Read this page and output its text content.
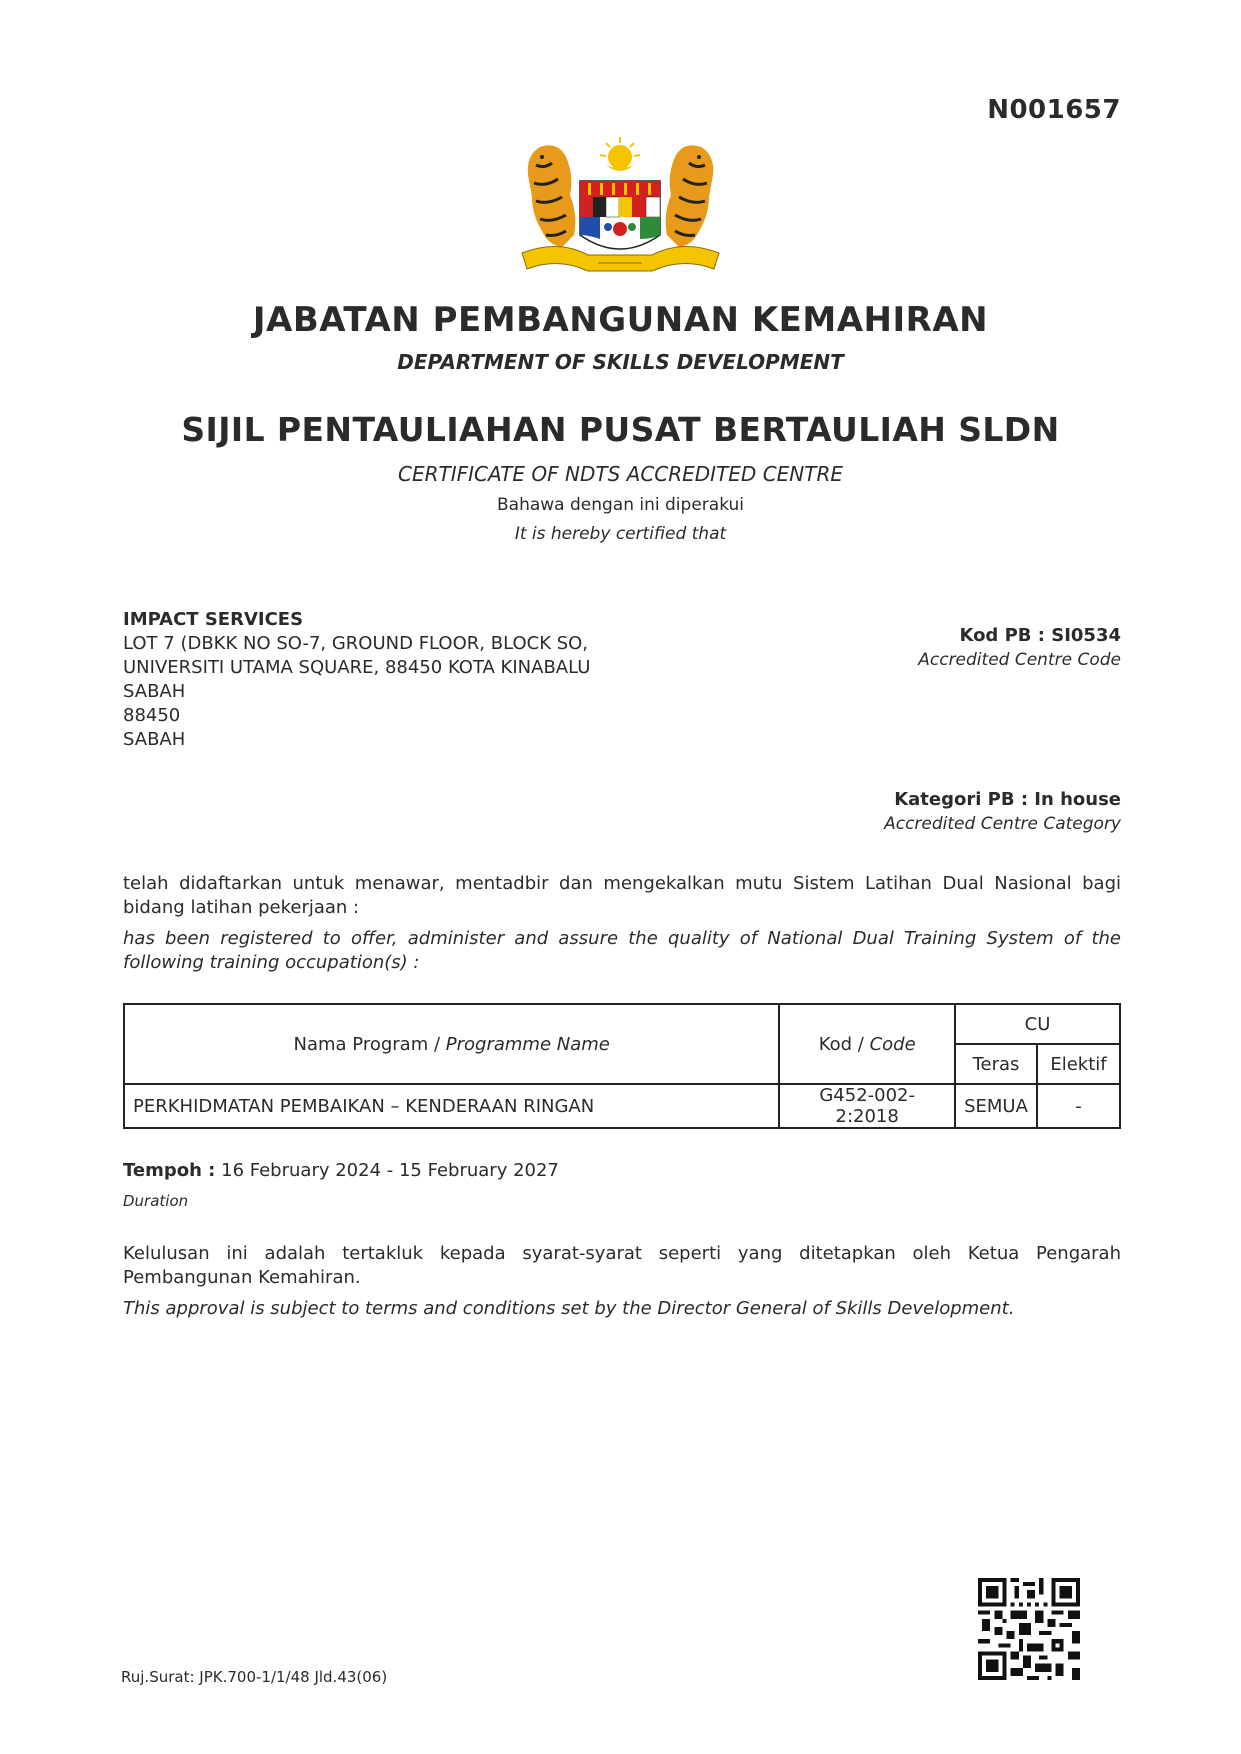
N001657
JABATAN PEMBANGUNAN KEMAHIRAN
DEPARTMENT OF SKILLS DEVELOPMENT
SIJIL PENTAULIAHAN PUSAT BERTAULIAH SLDN
CERTIFICATE OF NDTS ACCREDITED CENTRE
Bahawa dengan ini diperakui
It is hereby certified that
IMPACT SERVICES
LOT 7 (DBKK NO SO-7, GROUND FLOOR, BLOCK SO,
UNIVERSITI UTAMA SQUARE, 88450 KOTA KINABALU
SABAH
88450
SABAH
Kod PB : SI0534
Accredited Centre Code
Kategori PB : In house
Accredited Centre Category
telah didaftarkan untuk menawar, mentadbir dan mengekalkan mutu Sistem Latihan Dual Nasional bagi bidang latihan pekerjaan :
has been registered to offer, administer and assure the quality of National Dual Training System of the following training occupation(s) :
Nama Program / Programme Name	Kod / Code	CU	
		Teras	Elektif
PERKHIDMATAN PEMBAIKAN – KENDERAAN RINGAN	G452-002-2:2018	SEMUA	-
Tempoh : 16 February 2024 - 15 February 2027
Duration
Kelulusan ini adalah tertakluk kepada syarat-syarat seperti yang ditetapkan oleh Ketua Pengarah Pembangunan Kemahiran.
This approval is subject to terms and conditions set by the Director General of Skills Development.
Ruj.Surat: JPK.700-1/1/48 Jld.43(06)
